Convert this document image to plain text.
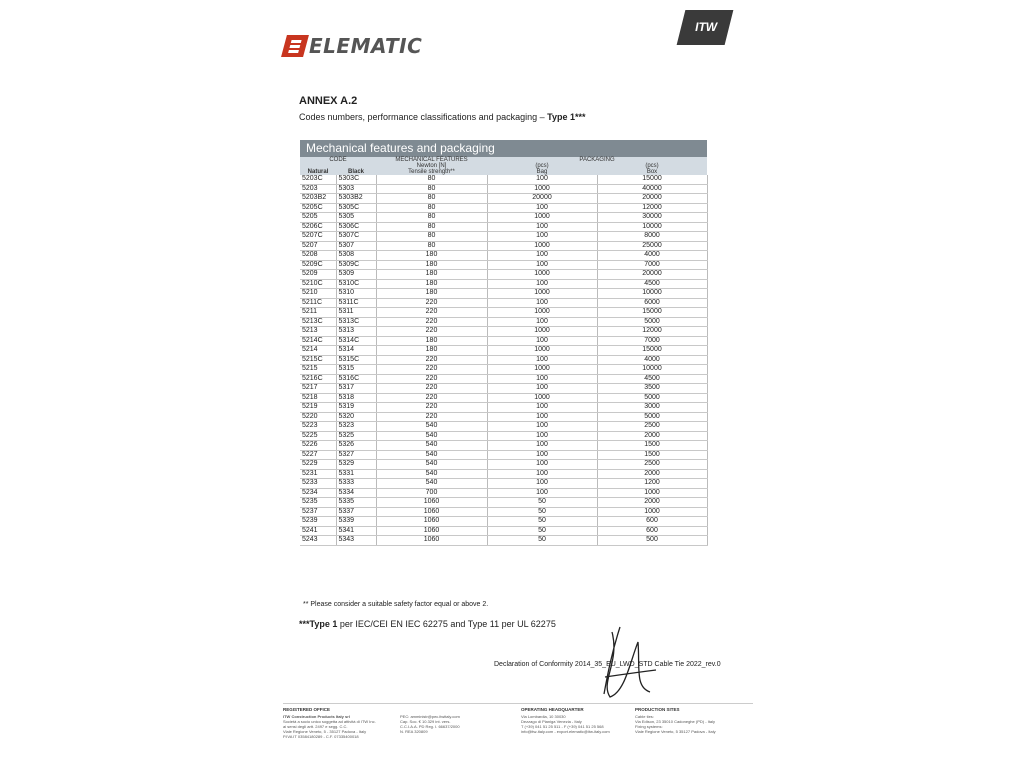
ELEMATIC
ITW
ANNEX A.2
Codes numbers, performance classifications and packaging – Type 1***
Mechanical features and packaging
CODE		MECHANICAL FEATURES	PACKAGING	
		Newton [N]	(pcs)	(pcs)
Natural	Black	Tensile strength**	Bag	Box
5203C	5303C	80	100	15000
5203	5303	80	1000	40000
5203B2	5303B2	80	20000	20000
5205C	5305C	80	100	12000
5205	5305	80	1000	30000
5206C	5306C	80	100	10000
5207C	5307C	80	100	8000
5207	5307	80	1000	25000
5208	5308	180	100	4000
5209C	5309C	180	100	7000
5209	5309	180	1000	20000
5210C	5310C	180	100	4500
5210	5310	180	1000	10000
5211C	5311C	220	100	6000
5211	5311	220	1000	15000
5213C	5313C	220	100	5000
5213	5313	220	1000	12000
5214C	5314C	180	100	7000
5214	5314	180	1000	15000
5215C	5315C	220	100	4000
5215	5315	220	1000	10000
5216C	5316C	220	100	4500
5217	5317	220	100	3500
5218	5318	220	1000	5000
5219	5319	220	100	3000
5220	5320	220	100	5000
5223	5323	540	100	2500
5225	5325	540	100	2000
5226	5326	540	100	1500
5227	5327	540	100	1500
5229	5329	540	100	2500
5231	5331	540	100	2000
5233	5333	540	100	1200
5234	5334	700	100	1000
5235	5335	1060	50	2000
5237	5337	1060	50	1000
5239	5339	1060	50	600
5241	5341	1060	50	600
5243	5343	1060	50	500
** Please consider a suitable safety factor equal or above 2.
***Type 1 per IEC/CEI EN IEC 62275 and Type 11 per UL 62275
Declaration of Conformity 2014_35_EU_LWD_STD Cable Tie 2022_rev.0
REGISTERED OFFICE
ITW Construction Products Italy srl
Società a socio unico soggetta ad attività di ITW Inc.
ai sensi degli artt. 2497 e segg. C.C.
Viale Regione Veneto, 5 - 35127 Padova - Italy
P.IVA IT 03584180289 - C.F. 07335400018
PEC: amministr@pec.itwitaly.com
Cap. Soc. € 10.329 int. vers.
C.C.I.A.A. PD Reg. I. 66637/2000
N. REA 320809
OPERATING HEADQUARTER
Via Lombardia, 10 30030
Dezzago di Pianiga Venezia - Italy
T (+39) 041 51 25 511 - F (+39) 041 51 25 568
info@itw-italy.com - export.elematic@itw-italy.com
PRODUCTION SITES
Cable ties:
Via Edison, 23 35010 Cadoneghe (PD) - Italy
Fixing systems:
Viale Regione Veneto, 5 35127 Padova - Italy
